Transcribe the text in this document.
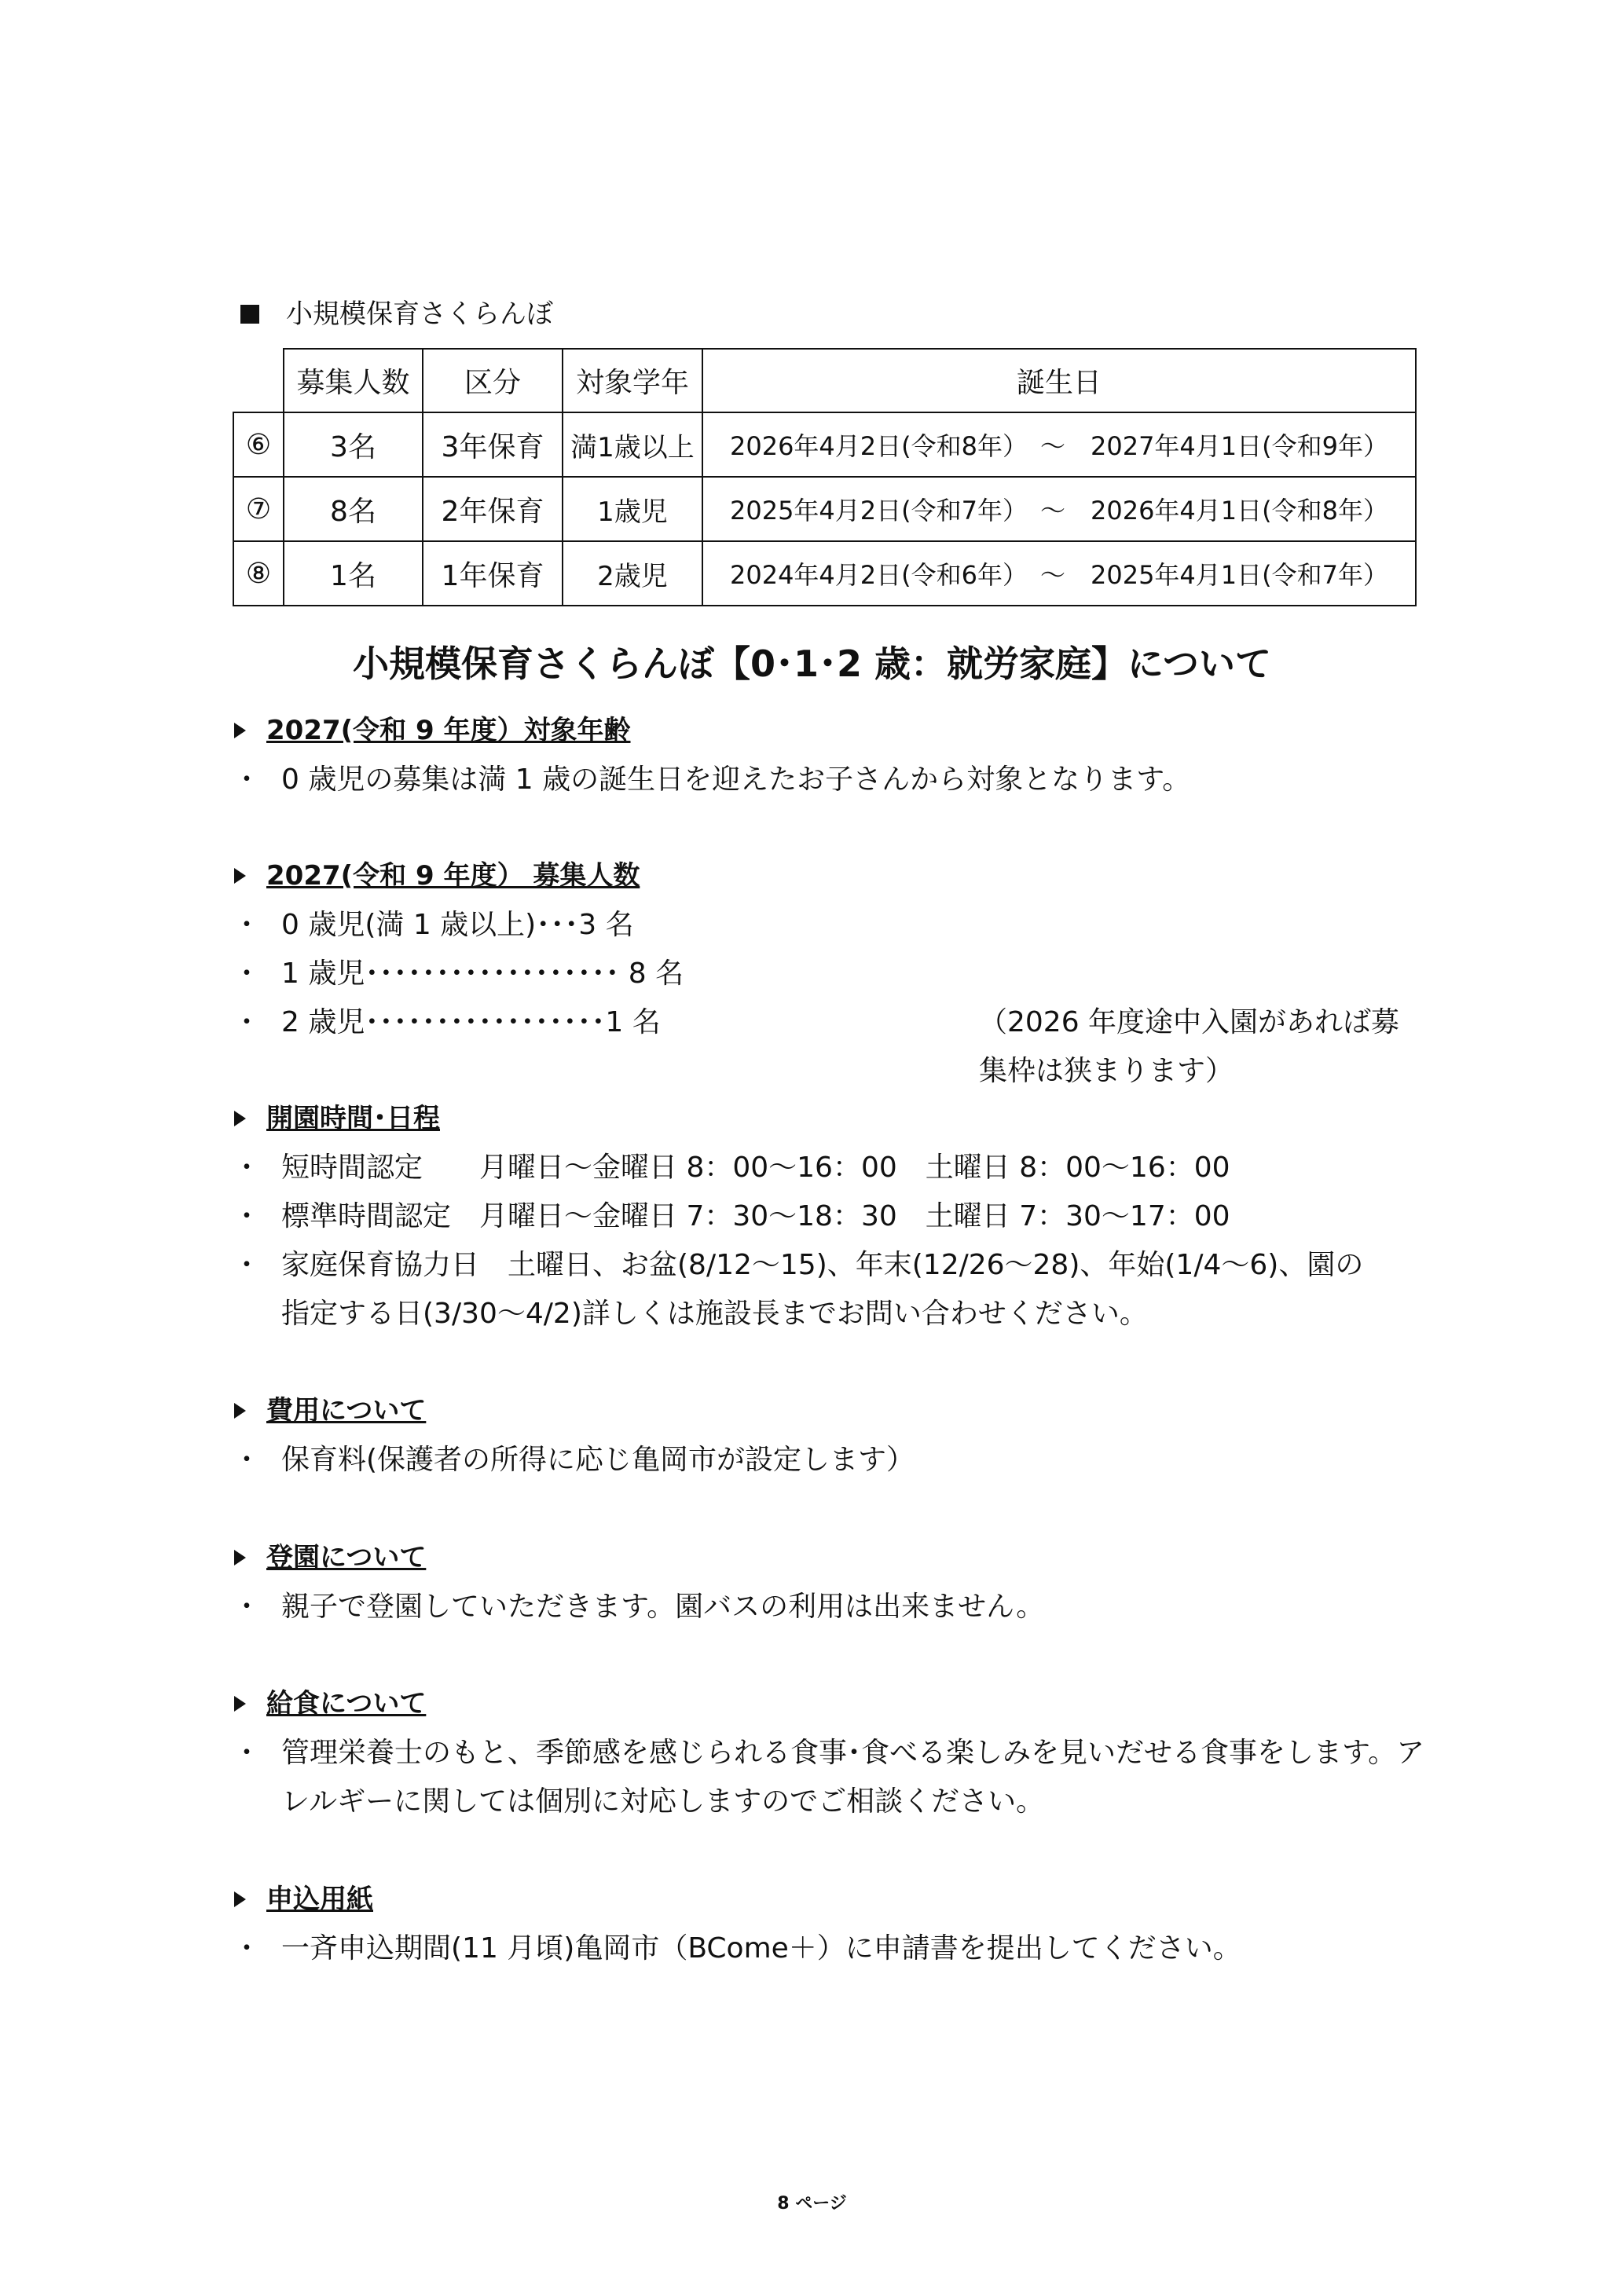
小規模保育さくらんぼ
	募集人数	区分	対象学年	誕生日
⑥	3名	3年保育	満1歳以上	2026年4月2日(令和8年）　～　2027年4月1日(令和9年）
⑦	8名	2年保育	1歳児	2025年4月2日(令和7年）　～　2026年4月1日(令和8年）
⑧	1名	1年保育	2歳児	2024年4月2日(令和6年）　～　2025年4月1日(令和7年）
小規模保育さくらんぼ【0･1･2 歳：就労家庭】について
2027(令和 9 年度）対象年齢
・ 0 歳児の募集は満 1 歳の誕生日を迎えたお子さんから対象となります。
2027(令和 9 年度） 募集人数
・ 0 歳児(満 1 歳以上)･･･3 名
・ 1 歳児･･････････････････ 8 名
・ 2 歳児･････････････････1 名	（2026 年度途中入園があれば募集枠は狭まります）
開園時間･日程
・ 短時間認定　　月曜日～金曜日 8：00～16：00　土曜日 8：00～16：00
・ 標準時間認定　月曜日～金曜日 7：30～18：30　土曜日 7：30～17：00
・ 家庭保育協力日　土曜日、お盆(8/12～15)、年末(12/26～28)、年始(1/4～6)、園の
指定する日(3/30～4/2)詳しくは施設長までお問い合わせください。
費用について
・ 保育料(保護者の所得に応じ亀岡市が設定します）
登園について
・ 親子で登園していただきます。園バスの利用は出来ません。
給食について
・ 管理栄養士のもと、季節感を感じられる食事･食べる楽しみを見いだせる食事をします。ア
レルギーに関しては個別に対応しますのでご相談ください。
申込用紙
・ 一斉申込期間(11 月頃)亀岡市（BCome＋）に申請書を提出してください。
8 ページ
